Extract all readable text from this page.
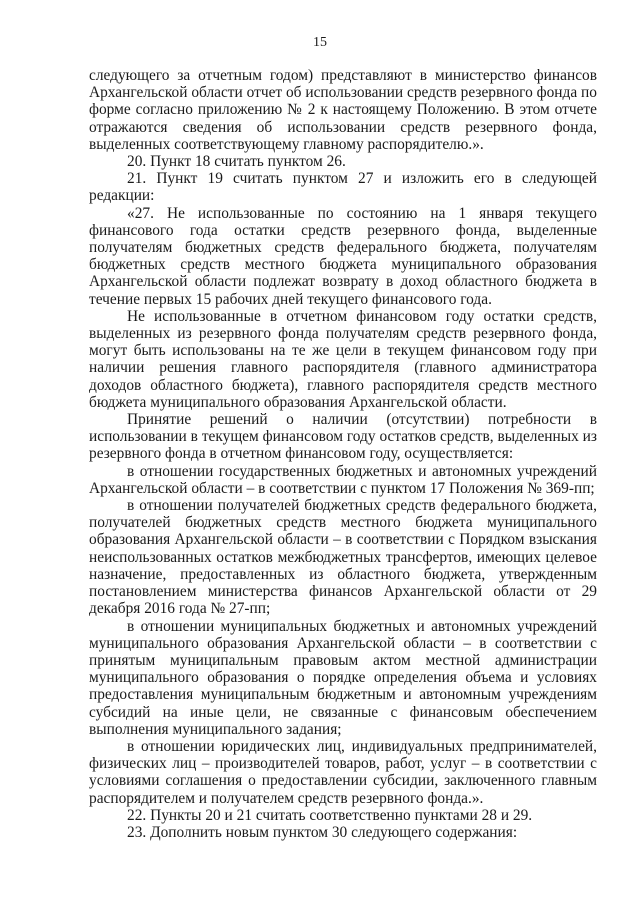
15

следующего за отчетным годом) представляют в министерство финансов Архангельской области отчет об использовании средств резервного фонда по форме согласно приложению № 2 к настоящему Положению. В этом отчете отражаются сведения об использовании средств резервного фонда, выделенных соответствующему главному распорядителю.».

20. Пункт 18 считать пунктом 26.

21. Пункт 19 считать пунктом 27 и изложить его в следующей редакции:

«27. Не использованные по состоянию на 1 января текущего финансового года остатки средств резервного фонда, выделенные получателям бюджетных средств федерального бюджета, получателям бюджетных средств местного бюджета муниципального образования Архангельской области подлежат возврату в доход областного бюджета в течение первых 15 рабочих дней текущего финансового года.

Не использованные в отчетном финансовом году остатки средств, выделенных из резервного фонда получателям средств резервного фонда, могут быть использованы на те же цели в текущем финансовом году при наличии решения главного распорядителя (главного администратора доходов областного бюджета), главного распорядителя средств местного бюджета муниципального образования Архангельской области.

Принятие решений о наличии (отсутствии) потребности в использовании в текущем финансовом году остатков средств, выделенных из резервного фонда в отчетном финансовом году, осуществляется:

в отношении государственных бюджетных и автономных учреждений Архангельской области – в соответствии с пунктом 17 Положения № 369-пп;

в отношении получателей бюджетных средств федерального бюджета, получателей бюджетных средств местного бюджета муниципального образования Архангельской области – в соответствии с Порядком взыскания неиспользованных остатков межбюджетных трансфертов, имеющих целевое назначение, предоставленных из областного бюджета, утвержденным постановлением министерства финансов Архангельской области от 29 декабря 2016 года № 27-пп;

в отношении муниципальных бюджетных и автономных учреждений муниципального образования Архангельской области – в соответствии с принятым муниципальным правовым актом местной администрации муниципального образования о порядке определения объема и условиях предоставления муниципальным бюджетным и автономным учреждениям субсидий на иные цели, не связанные с финансовым обеспечением выполнения муниципального задания;

в отношении юридических лиц, индивидуальных предпринимателей, физических лиц – производителей товаров, работ, услуг – в соответствии с условиями соглашения о предоставлении субсидии, заключенного главным распорядителем и получателем средств резервного фонда.».

22. Пункты 20 и 21 считать соответственно пунктами 28 и 29.

23. Дополнить новым пунктом 30 следующего содержания:
